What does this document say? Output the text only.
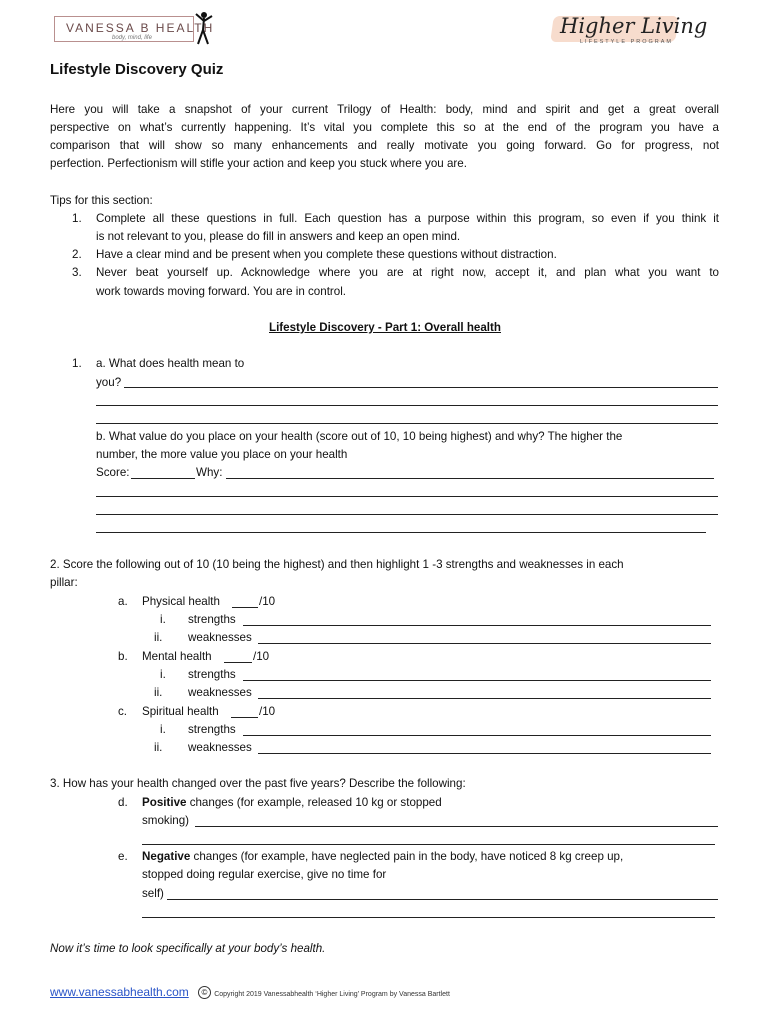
VANESSA B HEALTH
body, mind, life	Higher Living
LIFESTYLE PROGRAM
Lifestyle Discovery Quiz
Here you will take a snapshot of your current Trilogy of Health: body, mind and spirit and get a great overall
perspective on what’s currently happening. It’s vital you complete this so at the end of the program you have a
comparison that will show so many enhancements and really motivate you going forward. Go for progress, not
perfection. Perfectionism will stifle your action and keep you stuck where you are.
Tips for this section:
1. Complete all these questions in full. Each question has a purpose within this program, so even if you think it
is not relevant to you, please do fill in answers and keep an open mind.
2. Have a clear mind and be present when you complete these questions without distraction.
3. Never beat yourself up. Acknowledge where you are at right now, accept it, and plan what you want to
work towards moving forward. You are in control.
Lifestyle Discovery - Part 1: Overall health
1. a. What does health mean to
you?
b. What value do you place on your health (score out of 10, 10 being highest) and why? The higher the
number, the more value you place on your health
Score:	Why:
2. Score the following out of 10 (10 being the highest) and then highlight 1 -3 strengths and weaknesses in each
pillar:
a. Physical health	/10
i. strengths
ii. weaknesses
b. Mental health	/10
i. strengths
ii. weaknesses
c. Spiritual health	/10
i. strengths
ii. weaknesses
3. How has your health changed over the past five years? Describe the following:
d. Positive changes (for example, released 10 kg or stopped
smoking)
e. Negative changes (for example, have neglected pain in the body, have noticed 8 kg creep up,
stopped doing regular exercise, give no time for
self)
Now it’s time to look specifically at your body’s health.
www.vanessabhealth.com © Copyright 2019 Vanessabhealth ‘Higher Living’ Program by Vanessa Bartlett
